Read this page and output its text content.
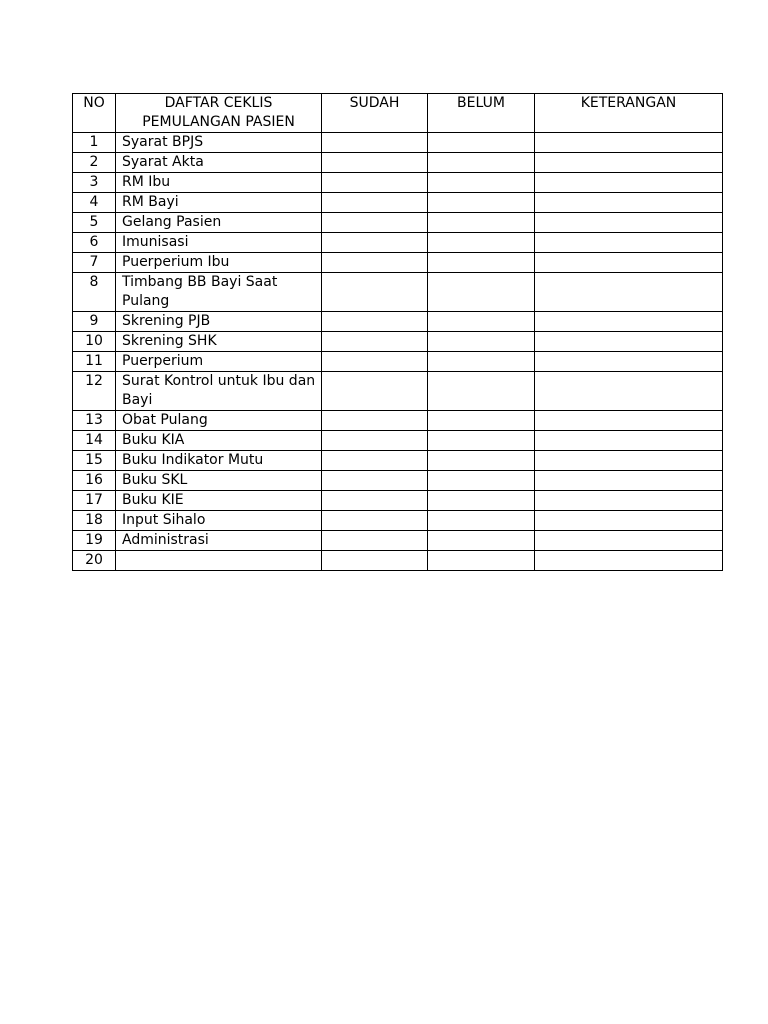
NO	DAFTAR CEKLIS PEMULANGAN PASIEN	SUDAH	BELUM	KETERANGAN
1	Syarat BPJS			
2	Syarat Akta			
3	RM Ibu			
4	RM Bayi			
5	Gelang Pasien			
6	Imunisasi			
7	Puerperium Ibu			
8	Timbang BB Bayi Saat Pulang			
9	Skrening PJB			
10	Skrening SHK			
11	Puerperium			
12	Surat Kontrol untuk Ibu dan Bayi			
13	Obat Pulang			
14	Buku KIA			
15	Buku Indikator Mutu			
16	Buku SKL			
17	Buku KIE			
18	Input Sihalo			
19	Administrasi			
20				
